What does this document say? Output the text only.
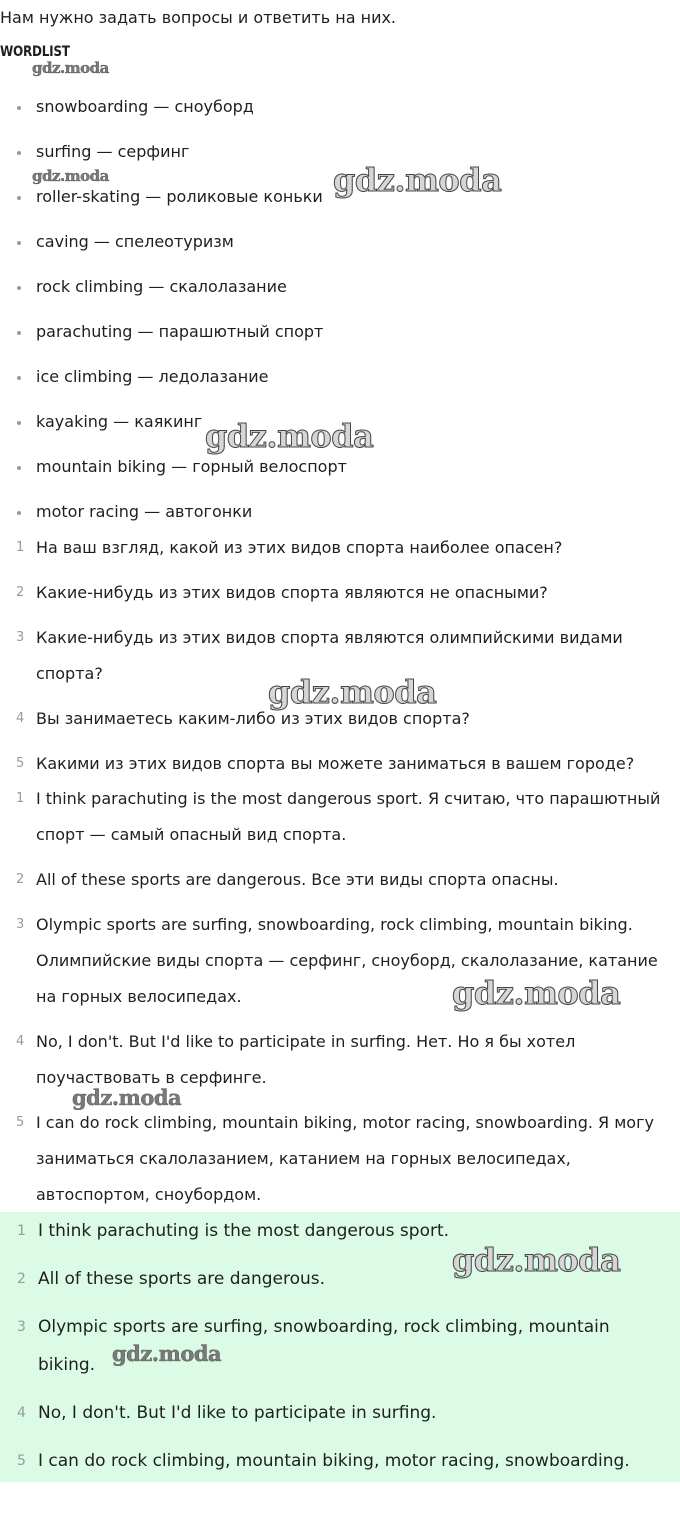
Нам нужно задать вопросы и ответить на них.

WORDLIST
snowboarding — сноуборд
surfing — серфинг
roller-skating — роликовые коньки
caving — спелеотуризм
rock climbing — скалолазание
parachuting — парашютный спорт
ice climbing — ледолазание
kayaking — каякинг
mountain biking — горный велоспорт
motor racing — автогонки
1 На ваш взгляд, какой из этих видов спорта наиболее опасен?
2 Какие-нибудь из этих видов спорта являются не опасными?
3 Какие-нибудь из этих видов спорта являются олимпийскими видами спорта?
4 Вы занимаетесь каким-либо из этих видов спорта?
5 Какими из этих видов спорта вы можете заниматься в вашем городе?
1 I think parachuting is the most dangerous sport. Я считаю, что парашютный спорт — самый опасный вид спорта.
2 All of these sports are dangerous. Все эти виды спорта опасны.
3 Olympic sports are surfing, snowboarding, rock climbing, mountain biking. Олимпийские виды спорта — серфинг, сноуборд, скалолазание, катание на горных велосипедах.
4 No, I don't. But I'd like to participate in surfing. Нет. Но я бы хотел поучаствовать в серфинге.
5 I can do rock climbing, mountain biking, motor racing, snowboarding. Я могу заниматься скалолазанием, катанием на горных велосипедах, автоспортом, сноубордом.
1 I think parachuting is the most dangerous sport.
2 All of these sports are dangerous.
3 Olympic sports are surfing, snowboarding, rock climbing, mountain biking.
4 No, I don't. But I'd like to participate in surfing.
5 I can do rock climbing, mountain biking, motor racing, snowboarding.
gdz.moda
gdz.moda	gdz.moda
gdz.moda
gdz.moda
gdz.moda
gdz.moda
gdz.moda
gdz.moda
